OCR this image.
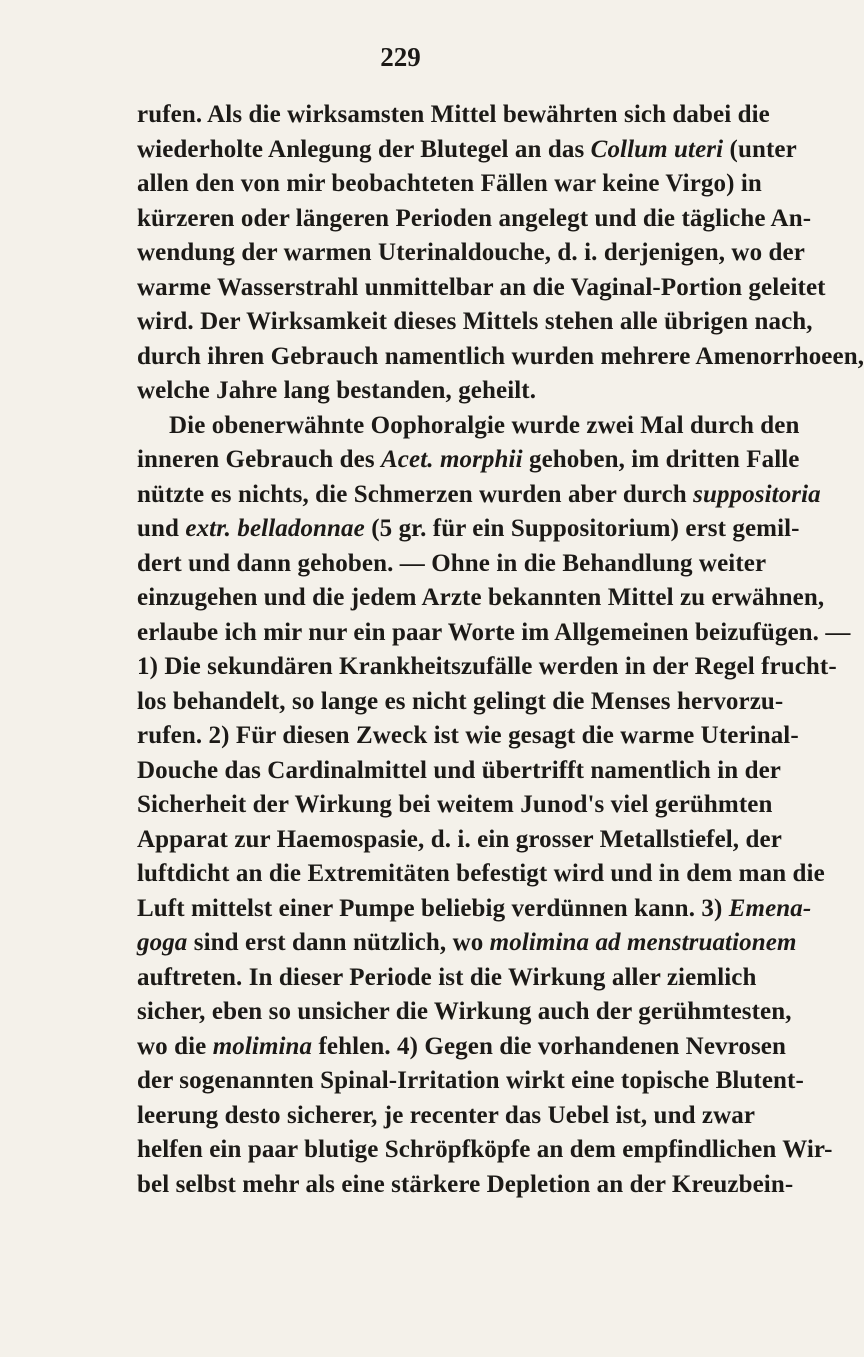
229
rufen. Als die wirksamsten Mittel bewährten sich dabei die
wiederholte Anlegung der Blutegel an das Collum uteri (unter
allen den von mir beobachteten Fällen war keine Virgo) in
kürzeren oder längeren Perioden angelegt und die tägliche An-
wendung der warmen Uterinaldouche, d. i. derjenigen, wo der
warme Wasserstrahl unmittelbar an die Vaginal-Portion geleitet
wird. Der Wirksamkeit dieses Mittels stehen alle übrigen nach,
durch ihren Gebrauch namentlich wurden mehrere Amenorrhoeen,
welche Jahre lang bestanden, geheilt.
Die obenerwähnte Oophoralgie wurde zwei Mal durch den
inneren Gebrauch des Acet. morphii gehoben, im dritten Falle
nützte es nichts, die Schmerzen wurden aber durch suppositoria
und extr. belladonnae (5 gr. für ein Suppositorium) erst gemil-
dert und dann gehoben. — Ohne in die Behandlung weiter
einzugehen und die jedem Arzte bekannten Mittel zu erwähnen,
erlaube ich mir nur ein paar Worte im Allgemeinen beizufügen. —
1) Die sekundären Krankheitszufälle werden in der Regel frucht-
los behandelt, so lange es nicht gelingt die Menses hervorzu-
rufen. 2) Für diesen Zweck ist wie gesagt die warme Uterinal-
Douche das Cardinalmittel und übertrifft namentlich in der
Sicherheit der Wirkung bei weitem Junod's viel gerühmten
Apparat zur Haemospasie, d. i. ein grosser Metallstiefel, der
luftdicht an die Extremitäten befestigt wird und in dem man die
Luft mittelst einer Pumpe beliebig verdünnen kann. 3) Emena-
goga sind erst dann nützlich, wo molimina ad menstruationem
auftreten. In dieser Periode ist die Wirkung aller ziemlich
sicher, eben so unsicher die Wirkung auch der gerühmtesten,
wo die molimina fehlen. 4) Gegen die vorhandenen Nevrosen
der sogenannten Spinal-Irritation wirkt eine topische Blutent-
leerung desto sicherer, je recenter das Uebel ist, und zwar
helfen ein paar blutige Schröpfköpfe an dem empfindlichen Wir-
bel selbst mehr als eine stärkere Depletion an der Kreuzbein-
